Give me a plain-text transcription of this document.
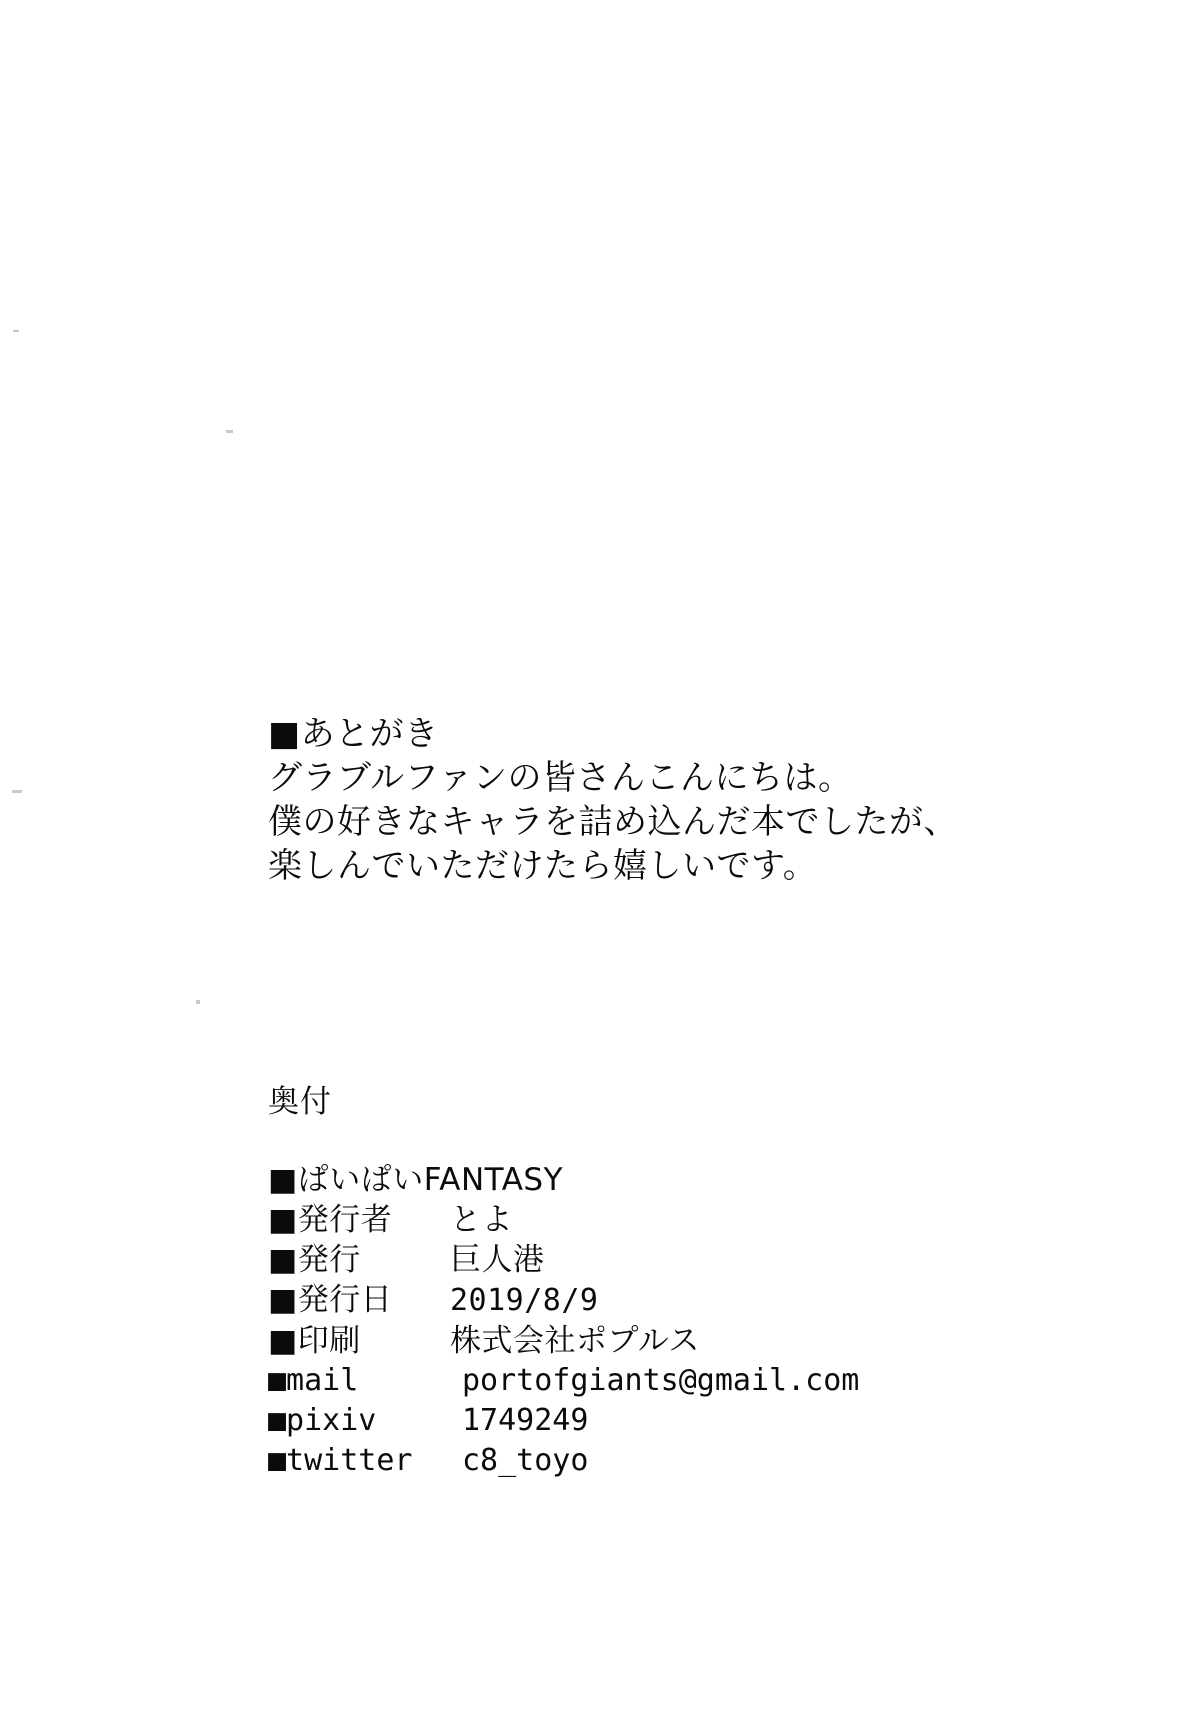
■あとがき
グラブルファンの皆さんこんにちは。
僕の好きなキャラを詰め込んだ本でしたが、
楽しんでいただけたら嬉しいです。
奥付
■ぱいぱいFANTASY
■発行者	とよ
■発行	巨人港
■発行日	2019/8/9
■印刷	株式会社ポプルス
■mail	portofgiants@gmail.com
■pixiv	1749249
■twitter	c8_toyo
